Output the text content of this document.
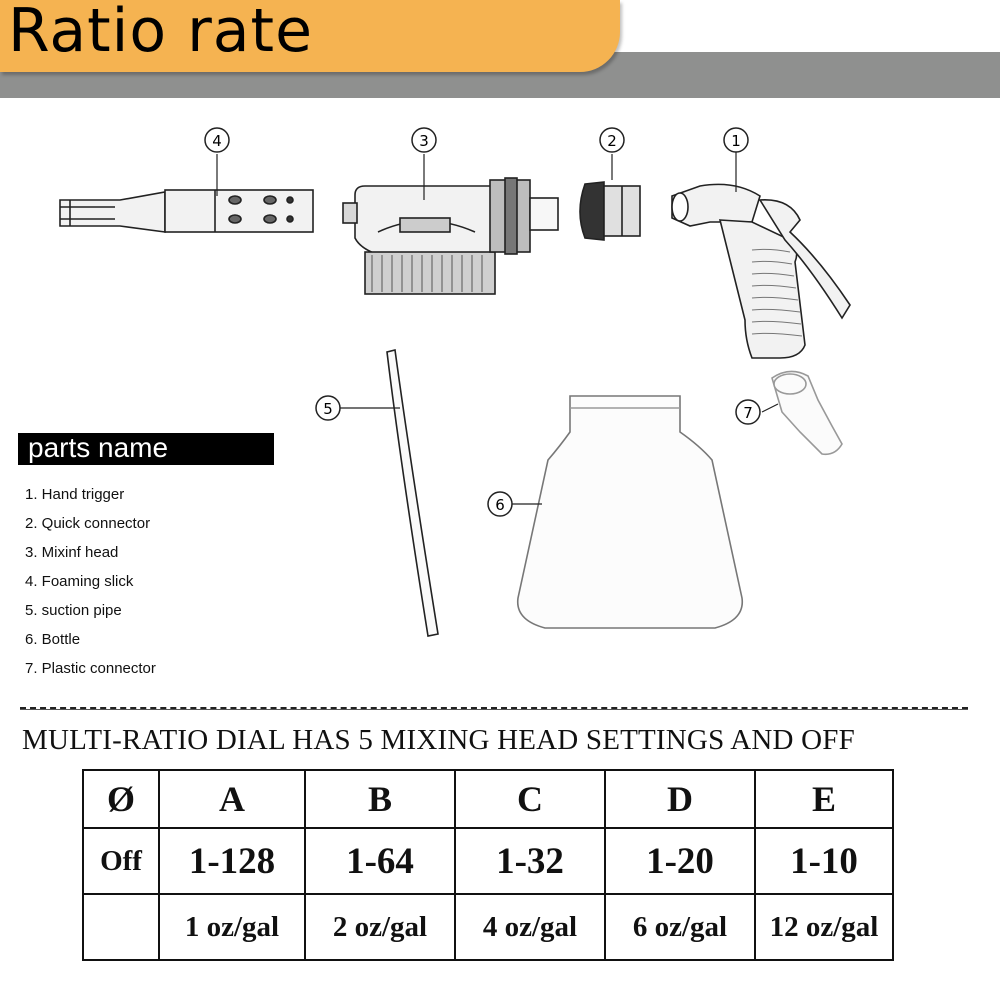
Ratio rate
4	3	2	1
5
6
7
parts name
1. Hand trigger
2. Quick connector
3. Mixinf head
4. Foaming slick
5. suction pipe
6. Bottle
7. Plastic connector
MULTI-RATIO DIAL HAS 5 MIXING HEAD SETTINGS AND OFF
Ø	A	B	C	D	E
Off	1-128	1-64	1-32	1-20	1-10
	1 oz/gal	2 oz/gal	4 oz/gal	6 oz/gal	12 oz/gal
